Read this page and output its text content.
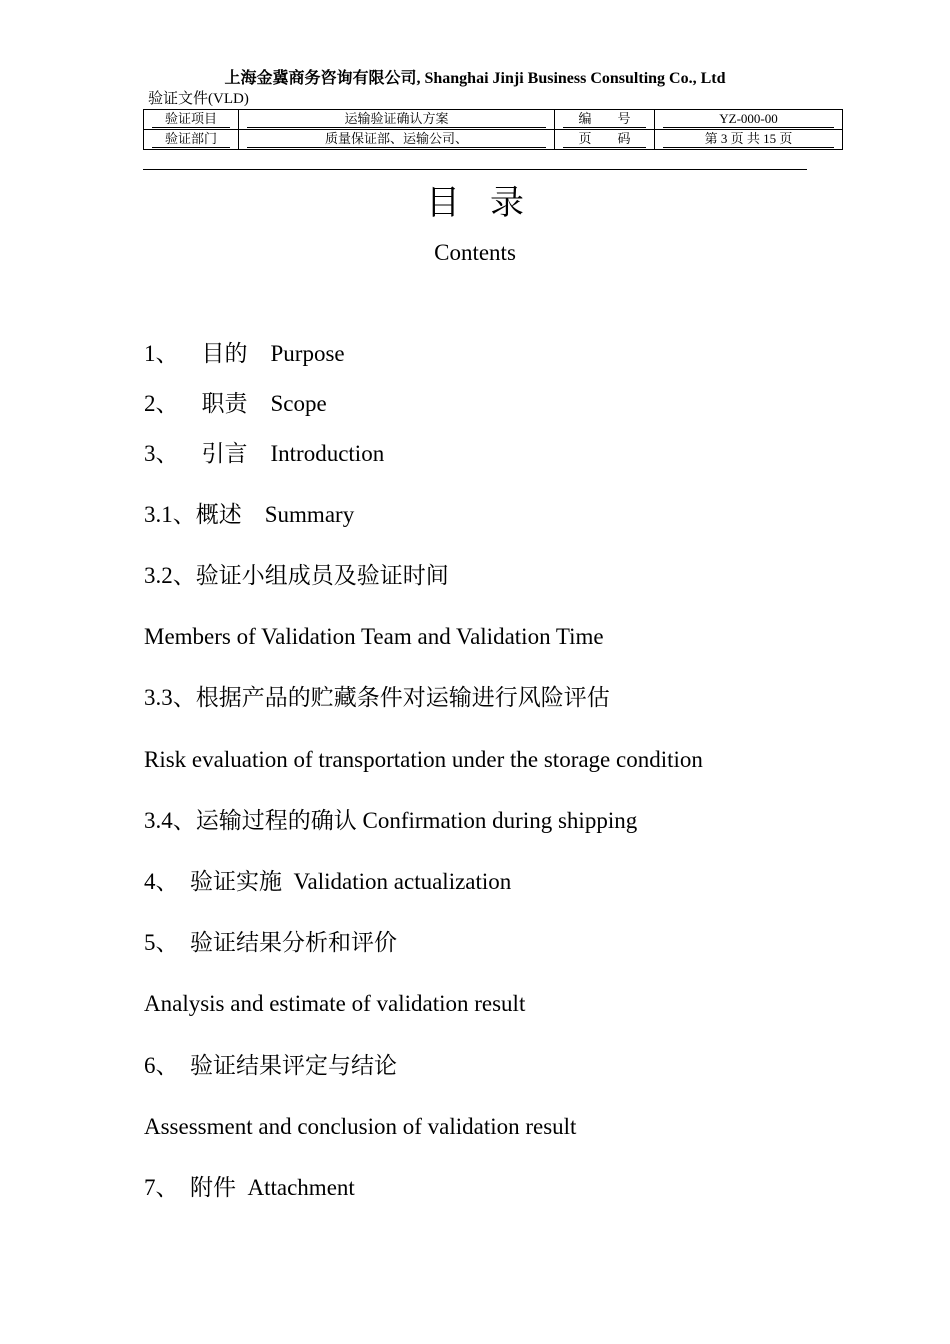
上海金冀商务咨询有限公司, Shanghai Jinji Business Consulting Co., Ltd
验证文件(VLD)
验证项目	运输验证确认方案	编　　号	YZ-000-00

验证部门	质量保证部、运输公司、	页　　码	第 3 页 共 15 页
目录
Contents
1、    目的    Purpose
2、    职责    Scope
3、    引言    Introduction
3.1、概述    Summary
3.2、验证小组成员及验证时间
Members of Validation Team and Validation Time
3.3、根据产品的贮藏条件对运输进行风险评估
Risk evaluation of transportation under the storage condition
3.4、运输过程的确认 Confirmation during shipping
4、  验证实施  Validation actualization
5、  验证结果分析和评价
Analysis and estimate of validation result
6、  验证结果评定与结论
Assessment and conclusion of validation result
7、  附件  Attachment
